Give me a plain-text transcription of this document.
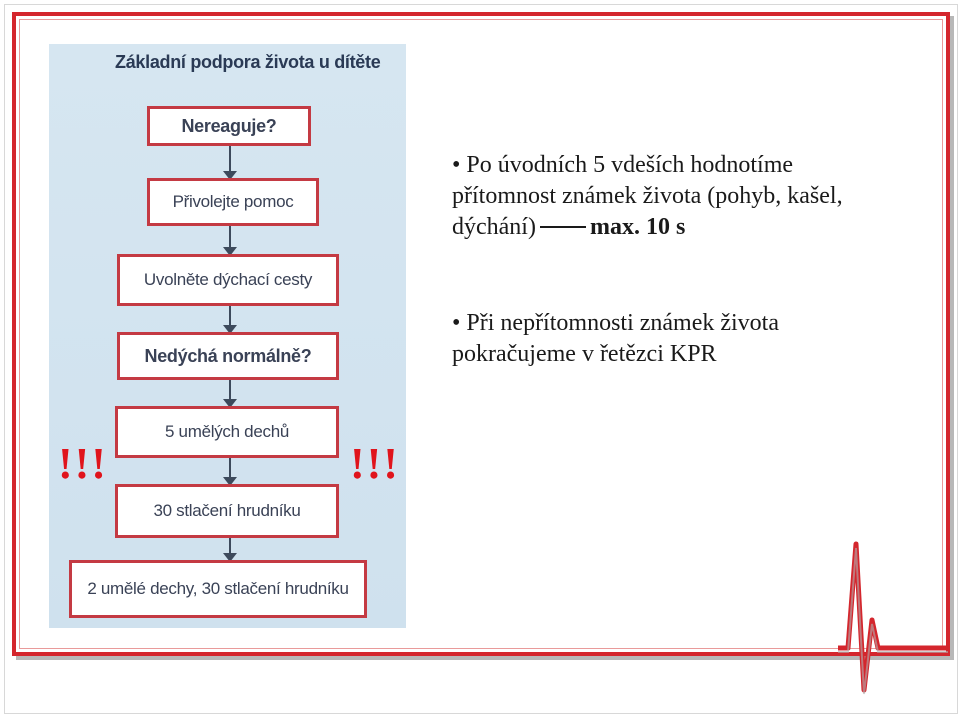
Základní podpora života u dítěte
Nereaguje?
Přivolejte pomoc
Uvolněte dýchací cesty
Nedýchá normálně?
5 umělých dechů
30 stlačení hrudníku
2 umělé dechy, 30 stlačení hrudníku
!!!	!!!
• Po úvodních 5 vdeších hodnotíme přítomnost známek života (pohyb, kašel, dýchání) max. 10 s
• Při nepřítomnosti známek života pokračujeme v řetězci KPR
